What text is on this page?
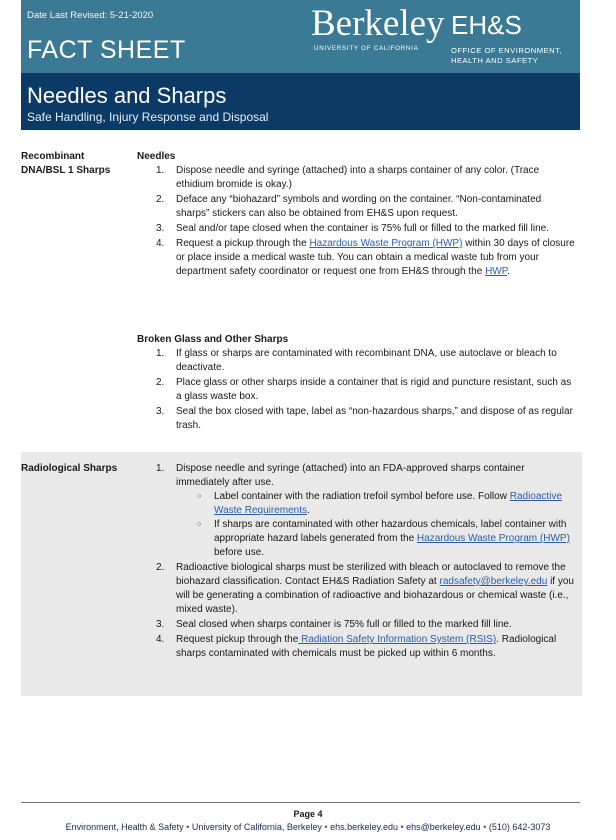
Date Last Revised: 5-21-2020
FACT SHEET
Berkeley
UNIVERSITY OF CALIFORNIA
EH&S
OFFICE OF ENVIRONMENT,
HEALTH AND SAFETY
Needles and Sharps
Safe Handling, Injury Response and Disposal
Recombinant
DNA/BSL 1 Sharps
Needles
1. Dispose needle and syringe (attached) into a sharps container of any color. (Trace ethidium bromide is okay.)
2. Deface any “biohazard” symbols and wording on the container. “Non-contaminated sharps” stickers can also be obtained from EH&S upon request.
3. Seal and/or tape closed when the container is 75% full or filled to the marked fill line.
4. Request a pickup through the Hazardous Waste Program (HWP) within 30 days of closure or place inside a medical waste tub. You can obtain a medical waste tub from your department safety coordinator or request one from EH&S through the HWP.
Broken Glass and Other Sharps
1. If glass or sharps are contaminated with recombinant DNA, use autoclave or bleach to deactivate.
2. Place glass or other sharps inside a container that is rigid and puncture resistant, such as a glass waste box.
3. Seal the box closed with tape, label as “non-hazardous sharps,” and dispose of as regular trash.
Radiological Sharps	1. Dispose needle and syringe (attached) into an FDA-approved sharps container immediately after use.
○ Label container with the radiation trefoil symbol before use. Follow Radioactive Waste Requirements.
○ If sharps are contaminated with other hazardous chemicals, label container with appropriate hazard labels generated from the Hazardous Waste Program (HWP) before use.
2. Radioactive biological sharps must be sterilized with bleach or autoclaved to remove the biohazard classification. Contact EH&S Radiation Safety at radsafety@berkeley.edu if you will be generating a combination of radioactive and biohazardous or chemical waste (i.e., mixed waste).
3. Seal closed when sharps container is 75% full or filled to the marked fill line.
4. Request pickup through the Radiation Safety Information System (RSIS). Radiological sharps contaminated with chemicals must be picked up within 6 months.
Page 4
Environment, Health & Safety • University of California, Berkeley • ehs.berkeley.edu • ehs@berkeley.edu • (510) 642-3073
